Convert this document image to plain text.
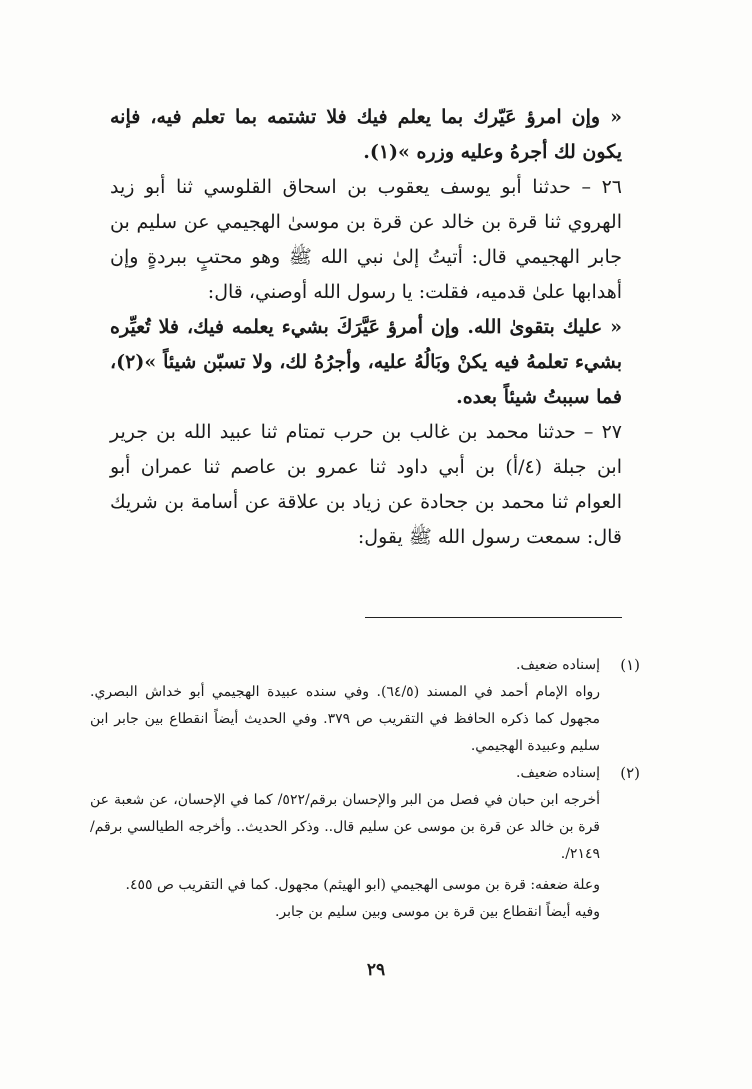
« وإن امرؤ عَيّرك بما يعلم فيك فلا تشتمه بما تعلم فيه، فإنه يكون لك أجرهُ وعليه وزره »(١).

٢٦ – حدثنا أبو يوسف يعقوب بن اسحاق القلوسي ثنا أبو زيد الهروي ثنا قرة بن خالد عن قرة بن موسىٰ الهجيمي عن سليم بن جابر الهجيمي قال: أتيتُ إلىٰ نبي الله ﷺ وهو محتبٍ ببردةٍ وإن أهدابها علىٰ قدميه، فقلت: يا رسول الله أوصني، قال:

« عليك بتقوىٰ الله. وإن أمرؤ عَيَّرَكَ بشيء يعلمه فيك، فلا تُعيِّره بشيء تعلمهُ فيه يكنْ وبَالُهُ عليه، وأجرُهُ لك، ولا تسبّن شيئاً »(٢)، فما سببتُ شيئاً بعده.

٢٧ – حدثنا محمد بن غالب بن حرب تمتام ثنا عبيد الله بن جرير ابن جبلة (٤/أ) بن أبي داود ثنا عمرو بن عاصم ثنا عمران أبو العوام ثنا محمد بن جحادة عن زياد بن علاقة عن أسامة بن شريك قال: سمعت رسول الله ﷺ يقول:

(١)
إسناده ضعيف.
رواه الإمام أحمد في المسند (٦٤/٥). وفي سنده عبيدة الهجيمي أبو خداش البصري. مجهول كما ذكره الحافظ في التقريب ص ٣٧٩. وفي الحديث أيضاً انقطاع بين جابر ابن سليم وعبيدة الهجيمي.
(٢)
إسناده ضعيف.
أخرجه ابن حبان في فصل من البر والإحسان برقم/٥٢٢/ كما في الإحسان، عن شعبة عن قرة بن خالد عن قرة بن موسى عن سليم قال.. وذكر الحديث.. وأخرجه الطيالسي برقم/٢١٤٩/.
وعلة ضعفه: قرة بن موسى الهجيمي (ابو الهيثم) مجهول. كما في التقريب ص ٤٥٥.
وفيه أيضاً انقطاع بين قرة بن موسى وبين سليم بن جابر.
٢٩
